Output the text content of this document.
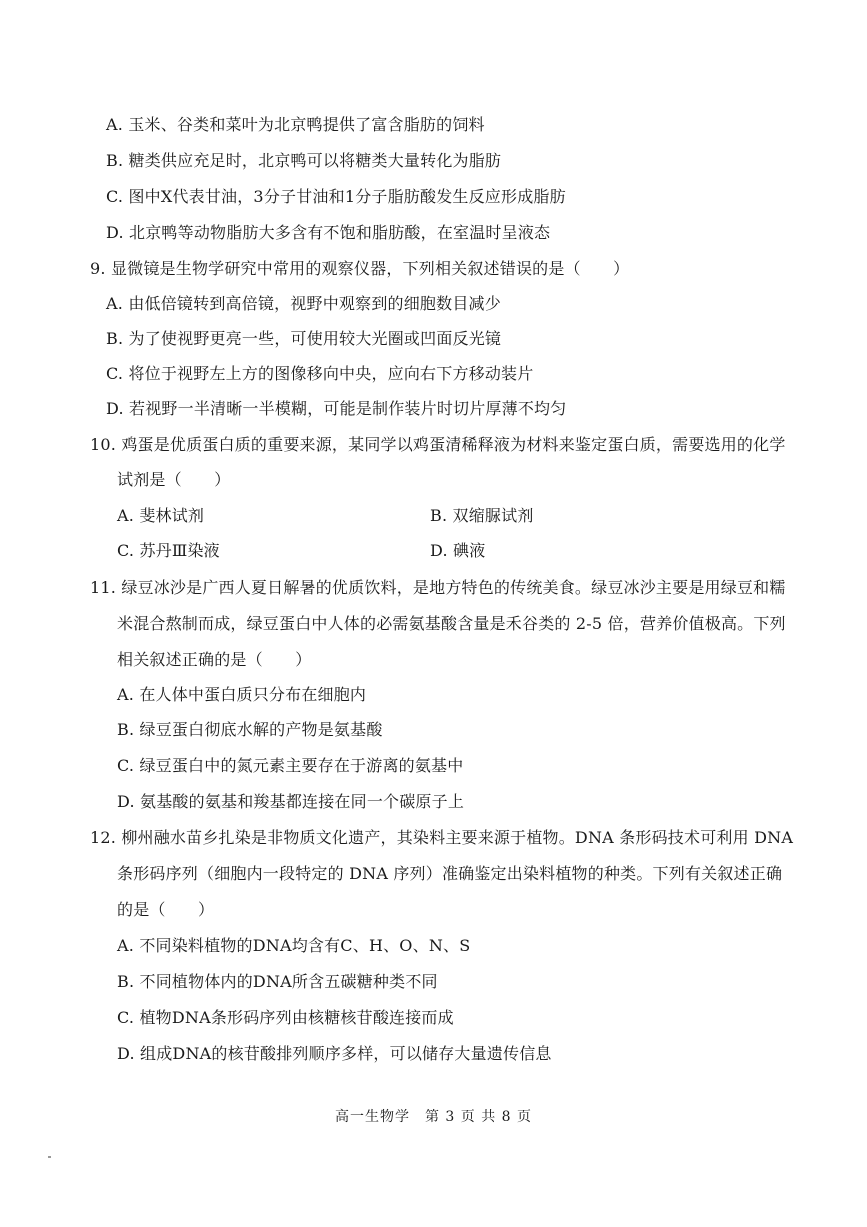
A. 玉米、谷类和菜叶为北京鸭提供了富含脂肪的饲料
B. 糖类供应充足时，北京鸭可以将糖类大量转化为脂肪
C. 图中X代表甘油，3分子甘油和1分子脂肪酸发生反应形成脂肪
D. 北京鸭等动物脂肪大多含有不饱和脂肪酸，在室温时呈液态
9. 显微镜是生物学研究中常用的观察仪器，下列相关叙述错误的是（　　）
A. 由低倍镜转到高倍镜，视野中观察到的细胞数目减少
B. 为了使视野更亮一些，可使用较大光圈或凹面反光镜
C. 将位于视野左上方的图像移向中央，应向右下方移动装片
D. 若视野一半清晰一半模糊，可能是制作装片时切片厚薄不均匀
10. 鸡蛋是优质蛋白质的重要来源，某同学以鸡蛋清稀释液为材料来鉴定蛋白质，需要选用的化学
试剂是（　　）
A. 斐林试剂	B. 双缩脲试剂
C. 苏丹Ⅲ染液	D. 碘液
11. 绿豆冰沙是广西人夏日解暑的优质饮料，是地方特色的传统美食。绿豆冰沙主要是用绿豆和糯
米混合熬制而成，绿豆蛋白中人体的必需氨基酸含量是禾谷类的 2-5 倍，营养价值极高。下列
相关叙述正确的是（　　）
A. 在人体中蛋白质只分布在细胞内
B. 绿豆蛋白彻底水解的产物是氨基酸
C. 绿豆蛋白中的氮元素主要存在于游离的氨基中
D. 氨基酸的氨基和羧基都连接在同一个碳原子上
12. 柳州融水苗乡扎染是非物质文化遗产，其染料主要来源于植物。DNA 条形码技术可利用 DNA
条形码序列（细胞内一段特定的 DNA 序列）准确鉴定出染料植物的种类。下列有关叙述正确
的是（　　）
A. 不同染料植物的DNA均含有C、H、O、N、S
B. 不同植物体内的DNA所含五碳糖种类不同
C. 植物DNA条形码序列由核糖核苷酸连接而成
D. 组成DNA的核苷酸排列顺序多样，可以储存大量遗传信息
高一生物学　第 3 页 共 8 页
